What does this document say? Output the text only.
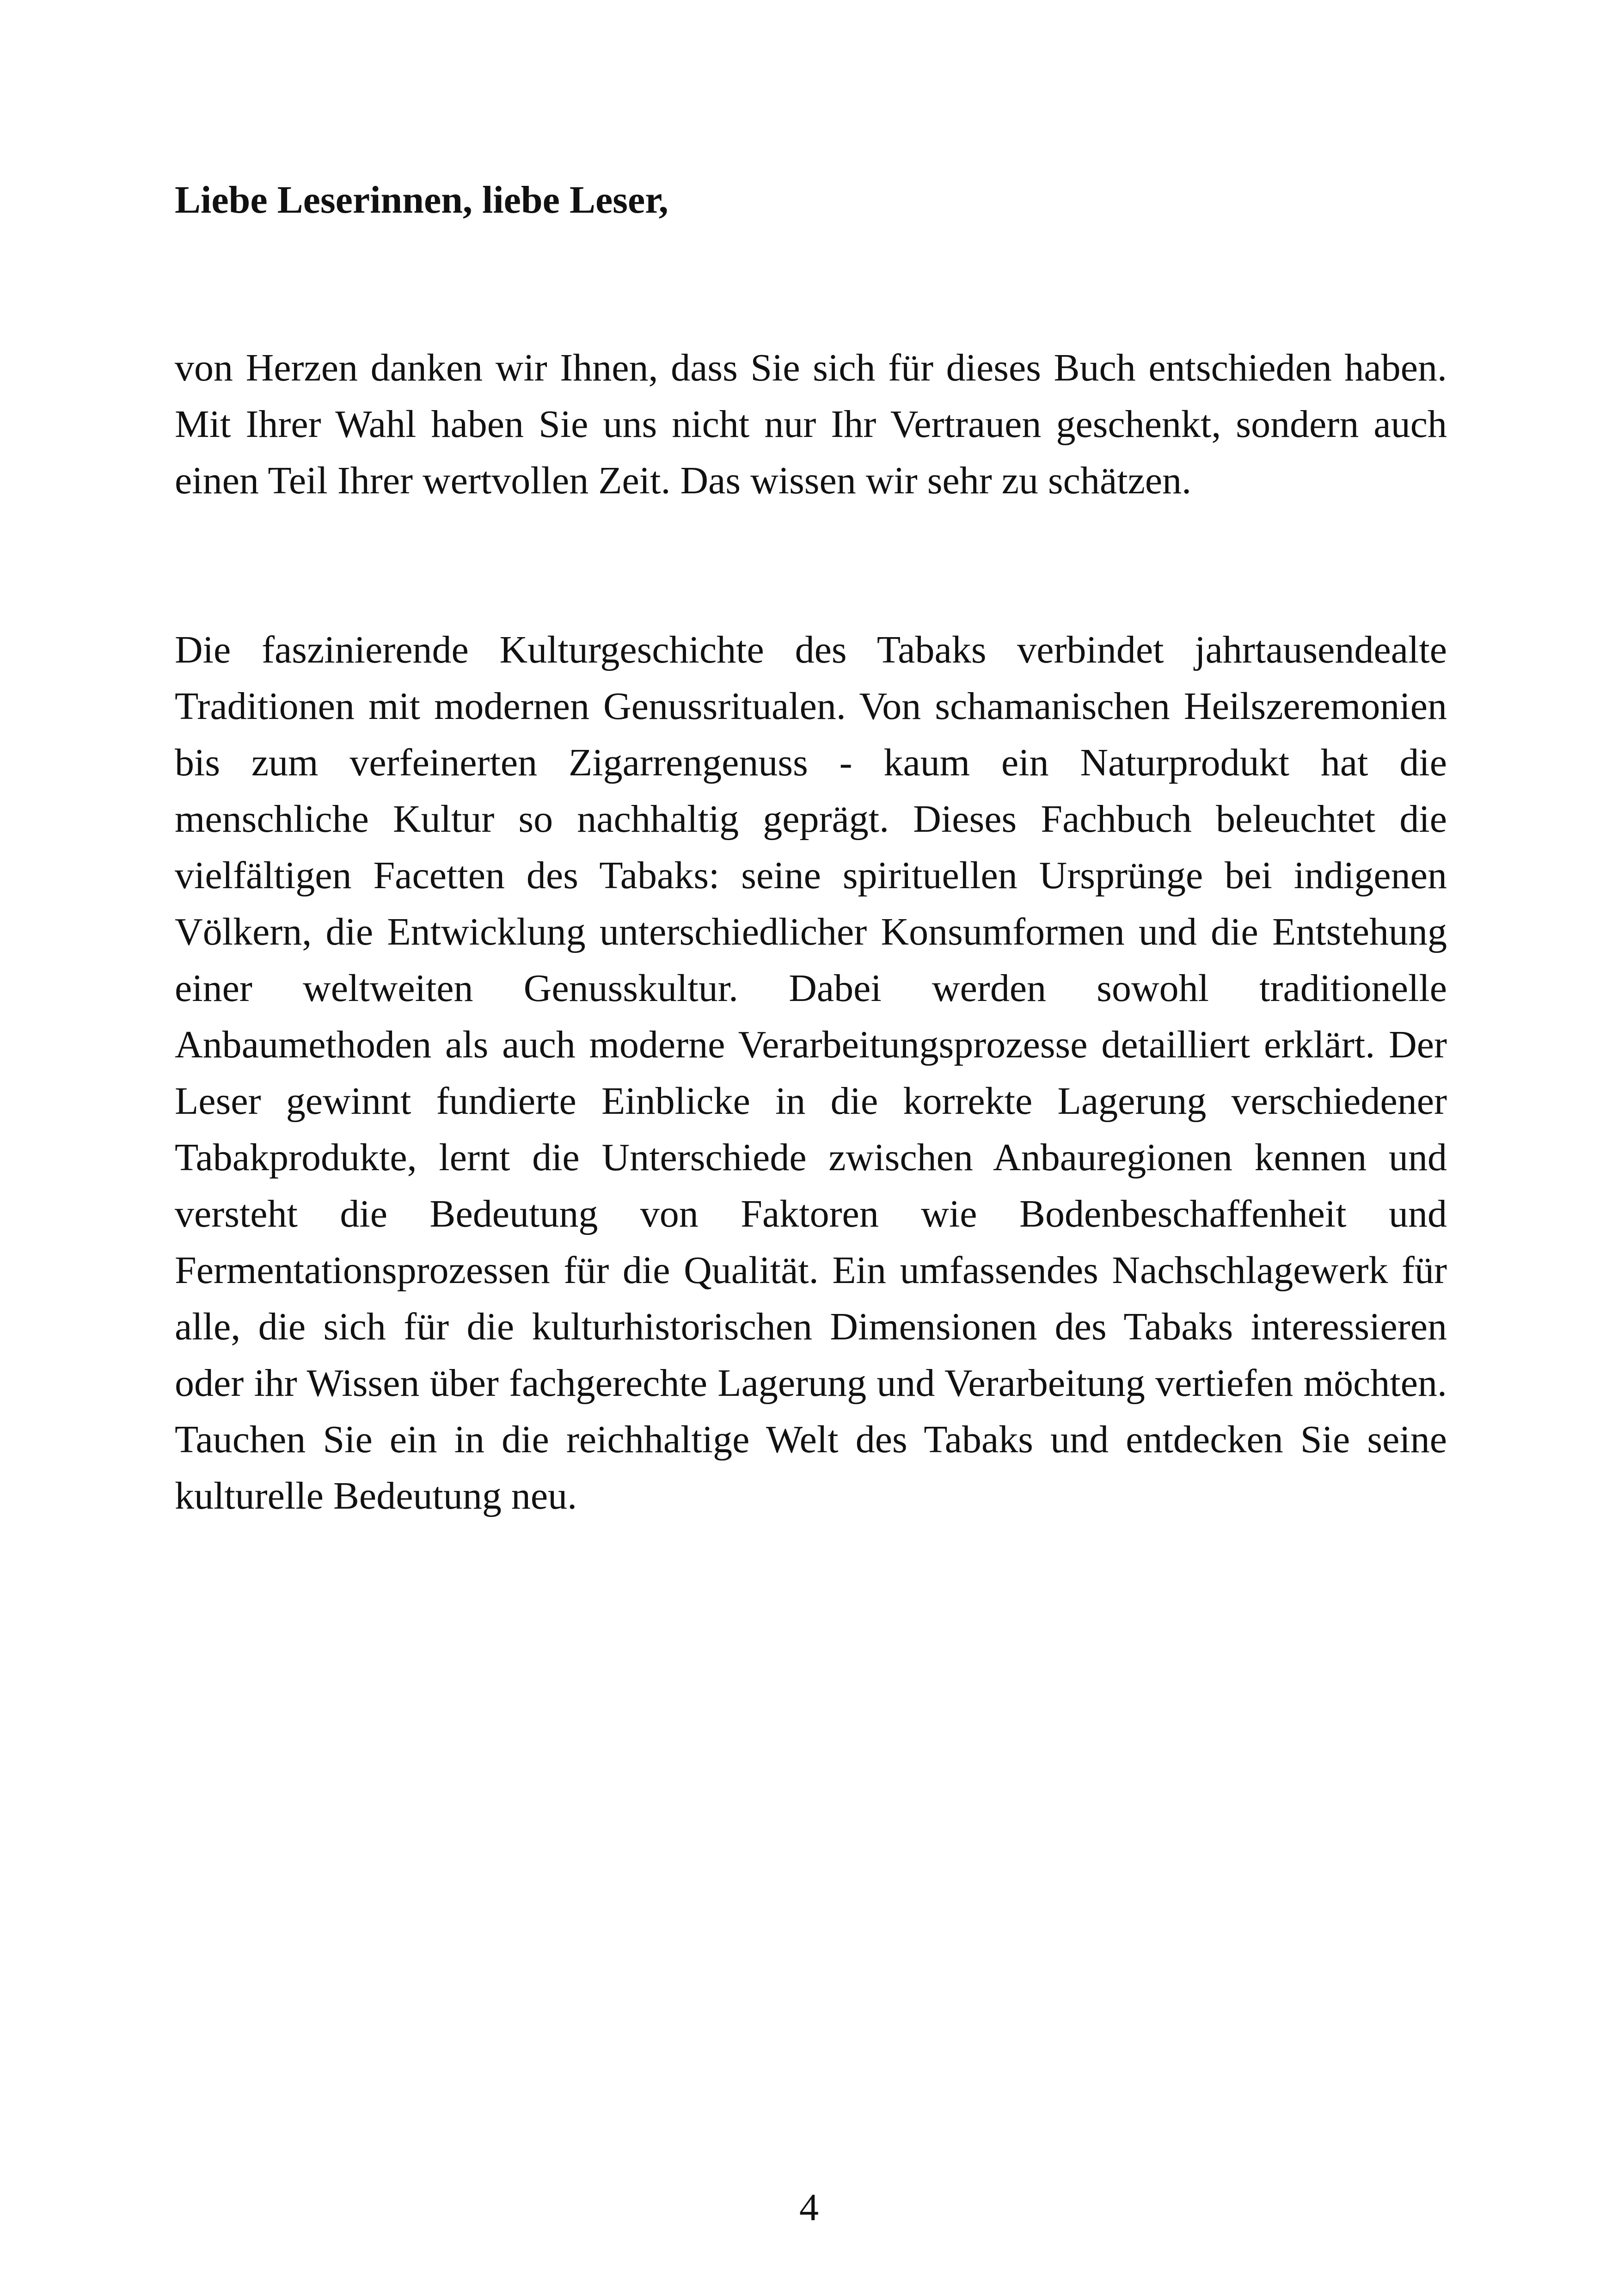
Liebe Leserinnen, liebe Leser,

von Herzen danken wir Ihnen, dass Sie sich für dieses Buch entschieden haben. Mit Ihrer Wahl haben Sie uns nicht nur Ihr Vertrauen geschenkt, sondern auch einen Teil Ihrer wertvollen Zeit. Das wissen wir sehr zu schätzen.

Die faszinierende Kulturgeschichte des Tabaks verbindet jahrtausendealte Traditionen mit modernen Genussritualen. Von schamanischen Heilszeremonien bis zum verfeinerten Zigarrengenuss - kaum ein Naturprodukt hat die menschliche Kultur so nachhaltig geprägt. Dieses Fachbuch beleuchtet die vielfältigen Facetten des Tabaks: seine spirituellen Ursprünge bei indigenen Völkern, die Entwicklung unterschiedlicher Konsumformen und die Entstehung einer weltweiten Genusskultur. Dabei werden sowohl traditionelle Anbaumethoden als auch moderne Verarbeitungsprozesse detailliert erklärt. Der Leser gewinnt fundierte Einblicke in die korrekte Lagerung verschiedener Tabakprodukte, lernt die Unterschiede zwischen Anbauregionen kennen und versteht die Bedeutung von Faktoren wie Bodenbeschaffenheit und Fermentationsprozessen für die Qualität. Ein umfassendes Nachschlagewerk für alle, die sich für die kulturhistorischen Dimensionen des Tabaks interessieren oder ihr Wissen über fachgerechte Lagerung und Verarbeitung vertiefen möchten. Tauchen Sie ein in die reichhaltige Welt des Tabaks und entdecken Sie seine kulturelle Bedeutung neu.

4
